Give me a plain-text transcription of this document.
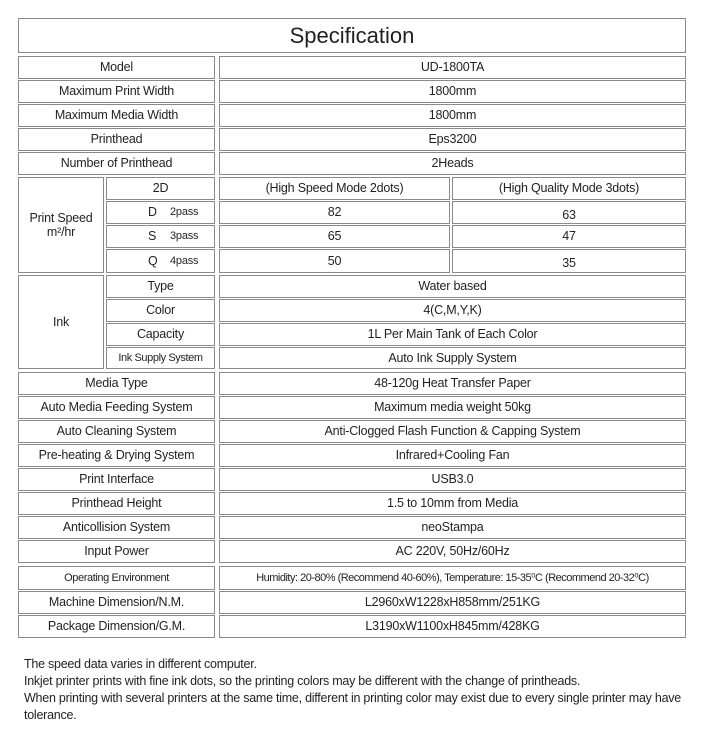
Specification
Model	UD-1800TA
Maximum Print Width	1800mm
Maximum Media Width	1800mm
Printhead	Eps3200
Number of Printhead	2Heads
Print Speed
m²/hr
2D	(High Speed Mode 2dots)	(High Quality Mode 3dots)
D	2pass	82	63
S	3pass	65	47
Q	4pass	50	35
Ink
Type	Water based
Color	4(C,M,Y,K)
Capacity	1L Per Main Tank of Each Color
Ink Supply System	Auto Ink Supply System
Media Type	48-120g Heat Transfer Paper
Auto Media Feeding System	Maximum media weight 50kg
Auto Cleaning System	Anti-Clogged Flash Function & Capping System
Pre-heating & Drying System	Infrared+Cooling Fan
Print Interface	USB3.0
Printhead Height	1.5 to 10mm from Media
Anticollision System	neoStampa
Input Power	AC 220V, 50Hz/60Hz
Operating Environment	Humidity: 20-80% (Recommend 40-60%), Temperature: 15-35⁰C (Recommend 20-32⁰C)
Machine Dimension/N.M.	L2960xW1228xH858mm/251KG
Package Dimension/G.M.	L3190xW1100xH845mm/428KG
The speed data varies in different computer.
Inkjet printer prints with fine ink dots, so the printing colors may be different with the change of printheads.
When printing with several printers at the same time, different in printing color may exist due to every single printer may have tolerance.
